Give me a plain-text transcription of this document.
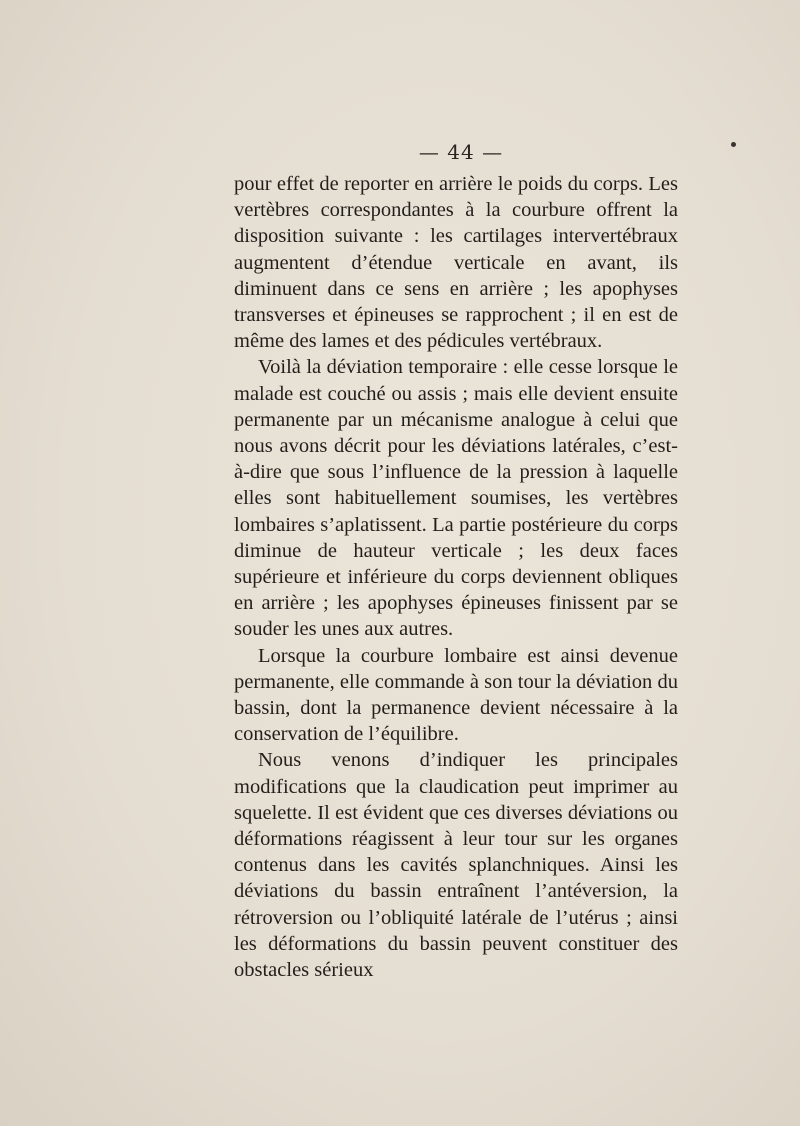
— 44 —

pour effet de reporter en arrière le poids du corps. Les vertèbres correspondantes à la courbure offrent la disposition suivante : les cartilages intervertébraux augmentent d’étendue verticale en avant, ils diminuent dans ce sens en arrière ; les apophyses transverses et épineuses se rapprochent ; il en est de même des lames et des pédicules vertébraux.

Voilà la déviation temporaire : elle cesse lorsque le malade est couché ou assis ; mais elle devient ensuite permanente par un mécanisme analogue à celui que nous avons décrit pour les déviations latérales, c’est-à-dire que sous l’influence de la pression à laquelle elles sont habituellement soumises, les vertèbres lombaires s’aplatissent. La partie postérieure du corps diminue de hauteur verticale ; les deux faces supérieure et inférieure du corps deviennent obliques en arrière ; les apophyses épineuses finissent par se souder les unes aux autres.

Lorsque la courbure lombaire est ainsi devenue permanente, elle commande à son tour la déviation du bassin, dont la permanence devient nécessaire à la conservation de l’équilibre.

Nous venons d’indiquer les principales modifications que la claudication peut imprimer au squelette. Il est évident que ces diverses déviations ou déformations réagissent à leur tour sur les organes contenus dans les cavités splanchniques. Ainsi les déviations du bassin entraînent l’antéversion, la rétroversion ou l’obliquité latérale de l’utérus ; ainsi les déformations du bassin peuvent constituer des obstacles sérieux
